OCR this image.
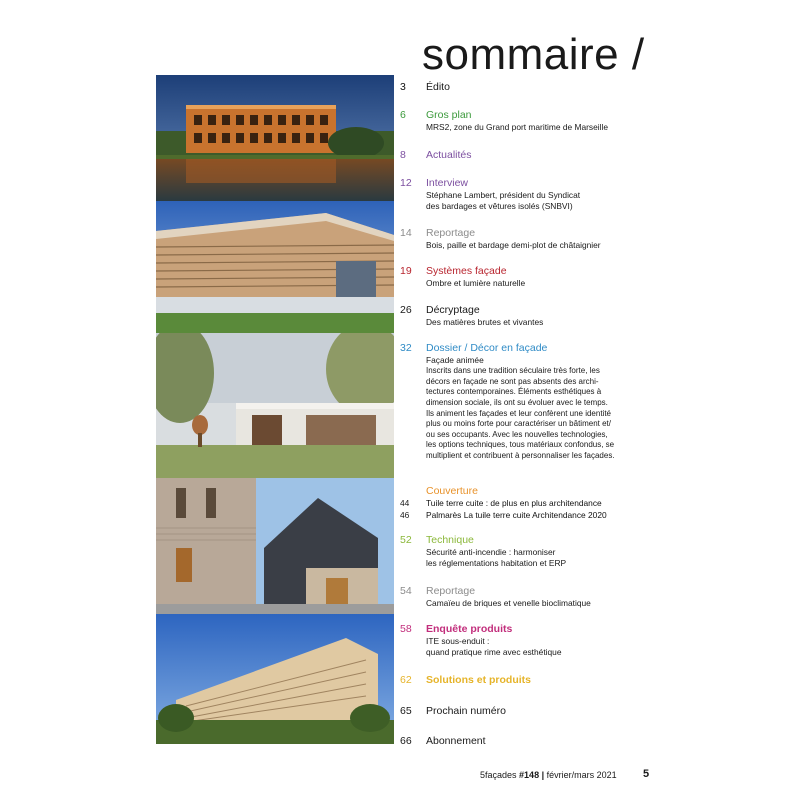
sommaire /
3	Édito
6	Gros plan
MRS2, zone du Grand port maritime de Marseille
8	Actualités
12 Interview
Stéphane Lambert, président du Syndicat
des bardages et vêtures isolés (SNBVI)
14 Reportage
Bois, paille et bardage demi-plot de châtaignier
19 Systèmes façade
Ombre et lumière naturelle
26 Décryptage
Des matières brutes et vivantes
32 Dossier / Décor en façade
Façade animée
Inscrits dans une tradition séculaire très forte, les
décors en façade ne sont pas absents des archi-
tectures contemporaines. Éléments esthétiques à
dimension sociale, ils ont su évoluer avec le temps.
Ils animent les façades et leur confèrent une identité
plus ou moins forte pour caractériser un bâtiment et/
ou ses occupants. Avec les nouvelles technologies,
les options techniques, tous matériaux confondus, se
multiplient et contribuent à personnaliser les façades.
Couverture
44 Tuile terre cuite : de plus en plus architendance
46 Palmarès La tuile terre cuite Architendance 2020
52 Technique
Sécurité anti-incendie : harmoniser
les réglementations habitation et ERP
54 Reportage
Camaïeu de briques et venelle bioclimatique
58 Enquête produits
ITE sous-enduit :
quand pratique rime avec esthétique
62 Solutions et produits
65 Prochain numéro
66 Abonnement
5façades #148 | février/mars 2021 5
